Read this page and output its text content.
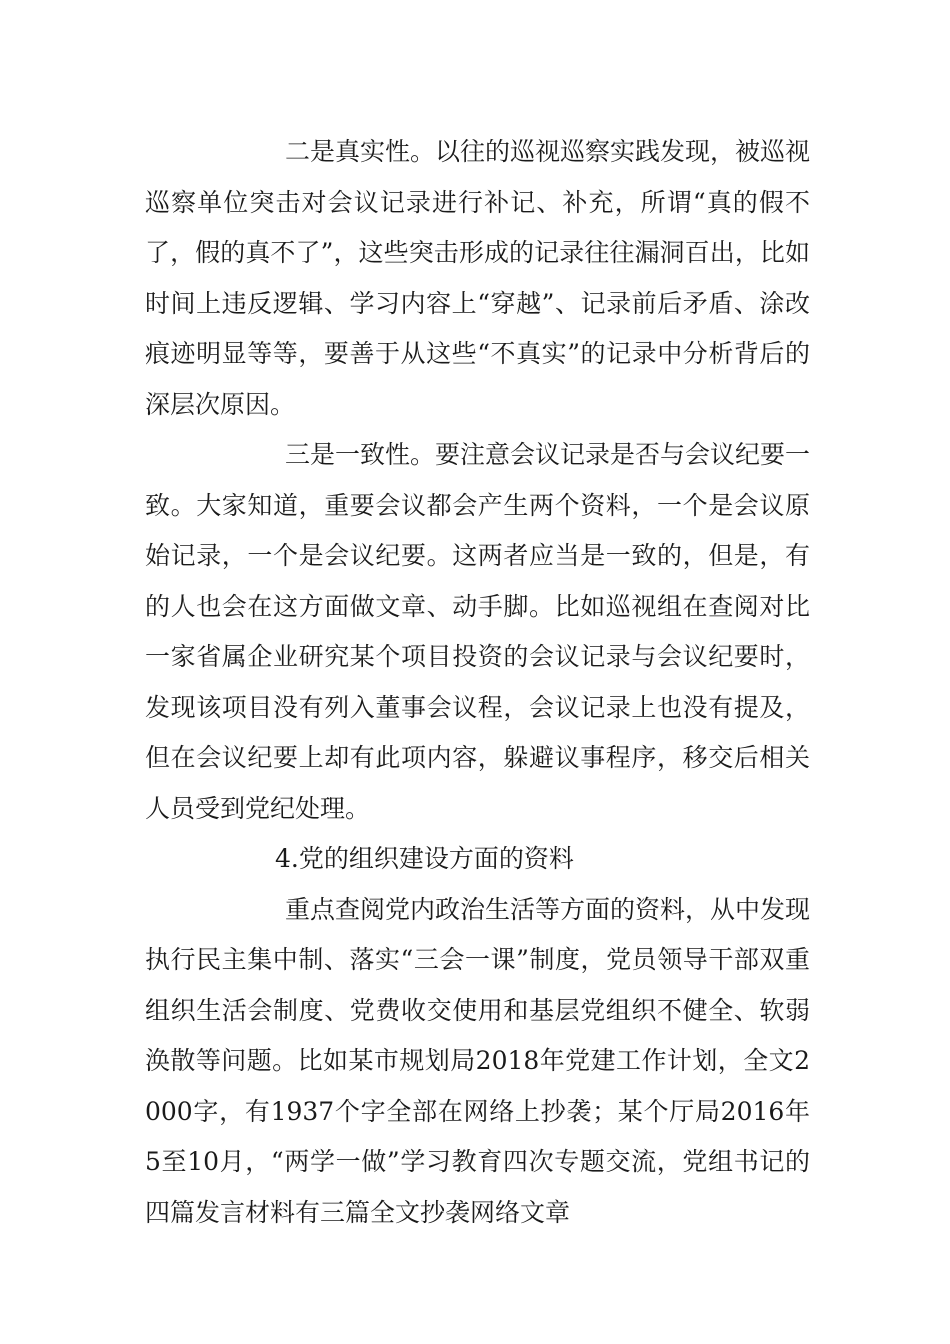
二是真实性。以往的巡视巡察实践发现，被巡视巡察单位突击对会议记录进行补记、补充，所谓“真的假不了，假的真不了”，这些突击形成的记录往往漏洞百出，比如时间上违反逻辑、学习内容上“穿越”、记录前后矛盾、涂改痕迹明显等等，要善于从这些“不真实”的记录中分析背后的深层次原因。

三是一致性。要注意会议记录是否与会议纪要一致。大家知道，重要会议都会产生两个资料，一个是会议原始记录，一个是会议纪要。这两者应当是一致的，但是，有的人也会在这方面做文章、动手脚。比如巡视组在查阅对比一家省属企业研究某个项目投资的会议记录与会议纪要时，发现该项目没有列入董事会议程，会议记录上也没有提及，但在会议纪要上却有此项内容，躲避议事程序，移交后相关人员受到党纪处理。

4.党的组织建设方面的资料

重点查阅党内政治生活等方面的资料，从中发现执行民主集中制、落实“三会一课”制度，党员领导干部双重组织生活会制度、党费收交使用和基层党组织不健全、软弱涣散等问题。比如某市规划局2018年党建工作计划，全文2000字，有1937个字全部在网络上抄袭；某个厅局2016年5至10月，“两学一做”学习教育四次专题交流，党组书记的四篇发言材料有三篇全文抄袭网络文章
